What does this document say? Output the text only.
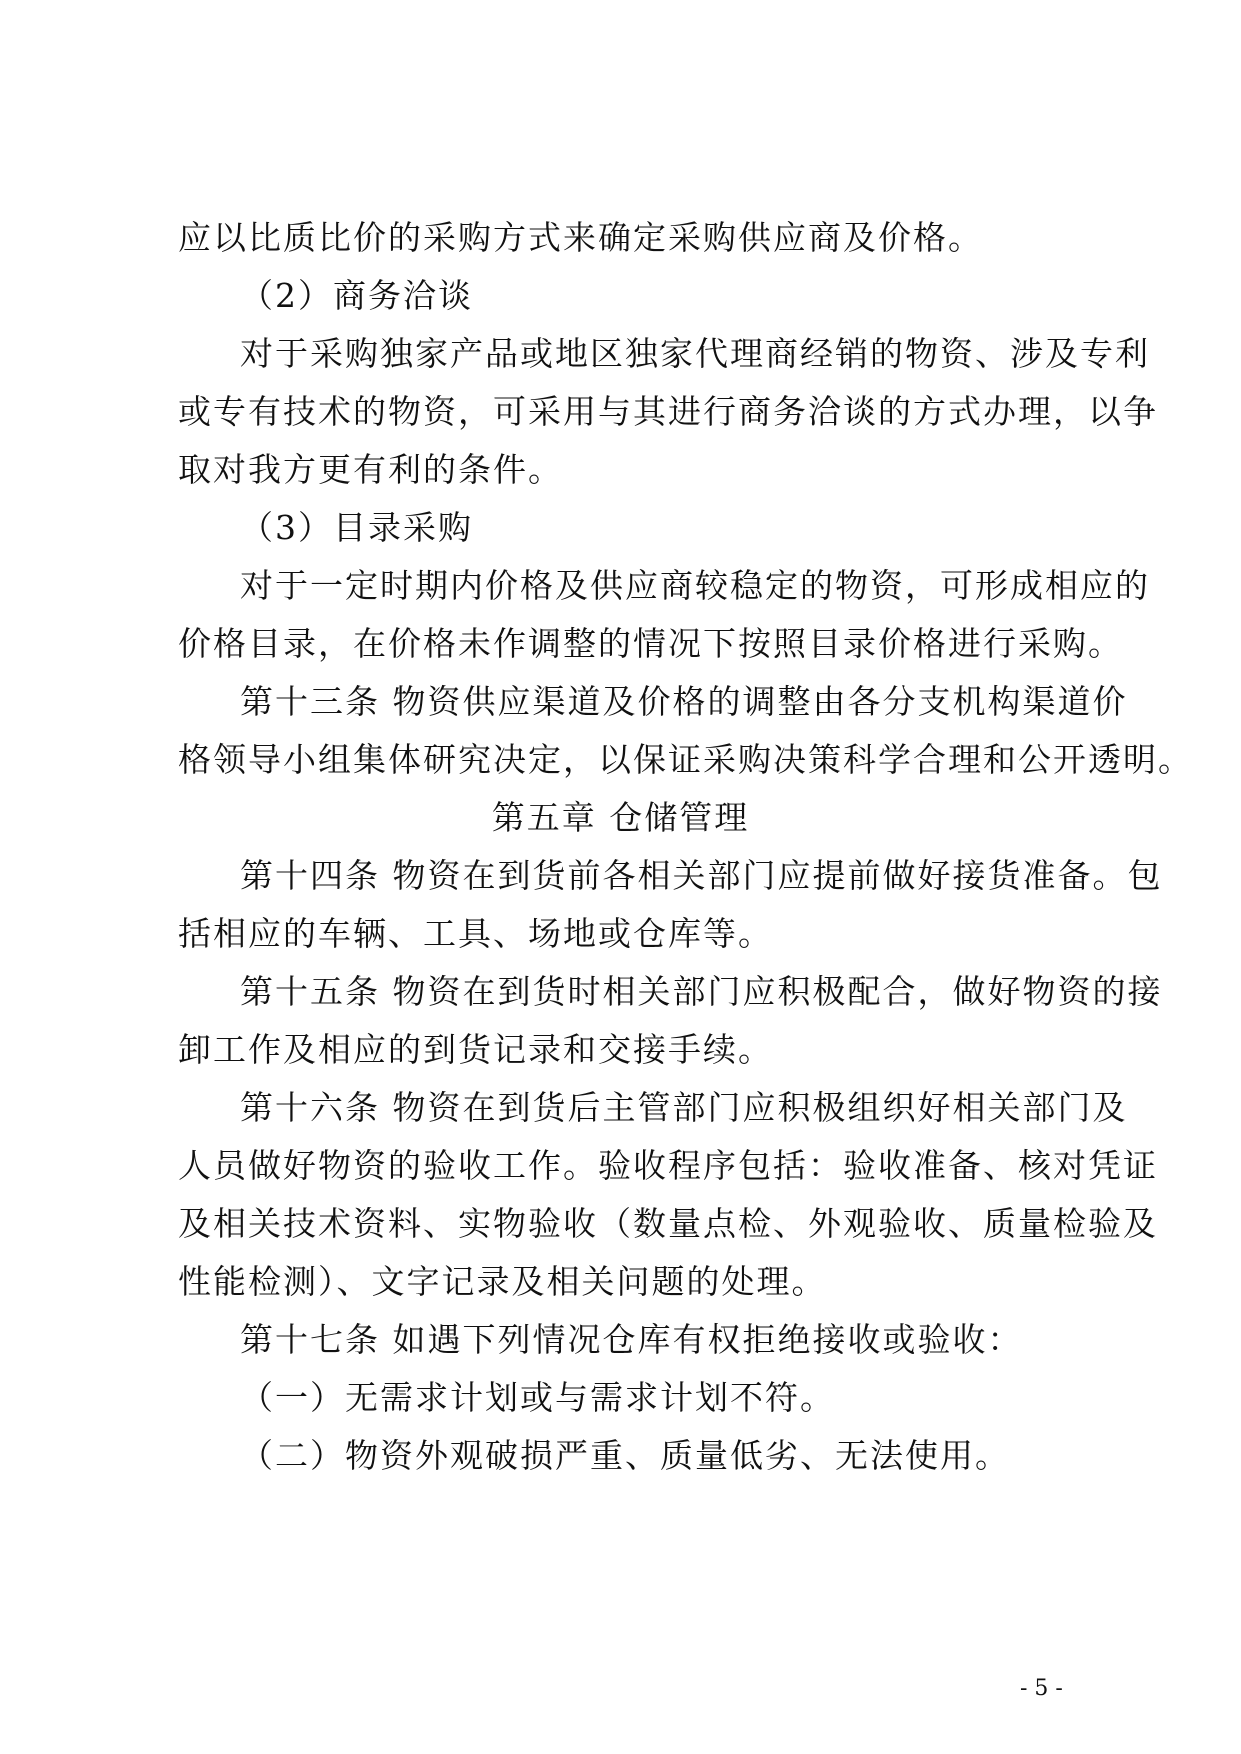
应以比质比价的采购方式来确定采购供应商及价格。
（2）商务洽谈
对于采购独家产品或地区独家代理商经销的物资、涉及专利
或专有技术的物资，可采用与其进行商务洽谈的方式办理，以争
取对我方更有利的条件。
（3）目录采购
对于一定时期内价格及供应商较稳定的物资，可形成相应的
价格目录，在价格未作调整的情况下按照目录价格进行采购。
第十三条 物资供应渠道及价格的调整由各分支机构渠道价
格领导小组集体研究决定，以保证采购决策科学合理和公开透明。
第五章 仓储管理
第十四条 物资在到货前各相关部门应提前做好接货准备。包
括相应的车辆、工具、场地或仓库等。
第十五条 物资在到货时相关部门应积极配合，做好物资的接
卸工作及相应的到货记录和交接手续。
第十六条 物资在到货后主管部门应积极组织好相关部门及
人员做好物资的验收工作。验收程序包括：验收准备、核对凭证
及相关技术资料、实物验收（数量点检、外观验收、质量检验及
性能检测）、文字记录及相关问题的处理。
第十七条 如遇下列情况仓库有权拒绝接收或验收：
（一）无需求计划或与需求计划不符。
（二）物资外观破损严重、质量低劣、无法使用。
- 5 -
